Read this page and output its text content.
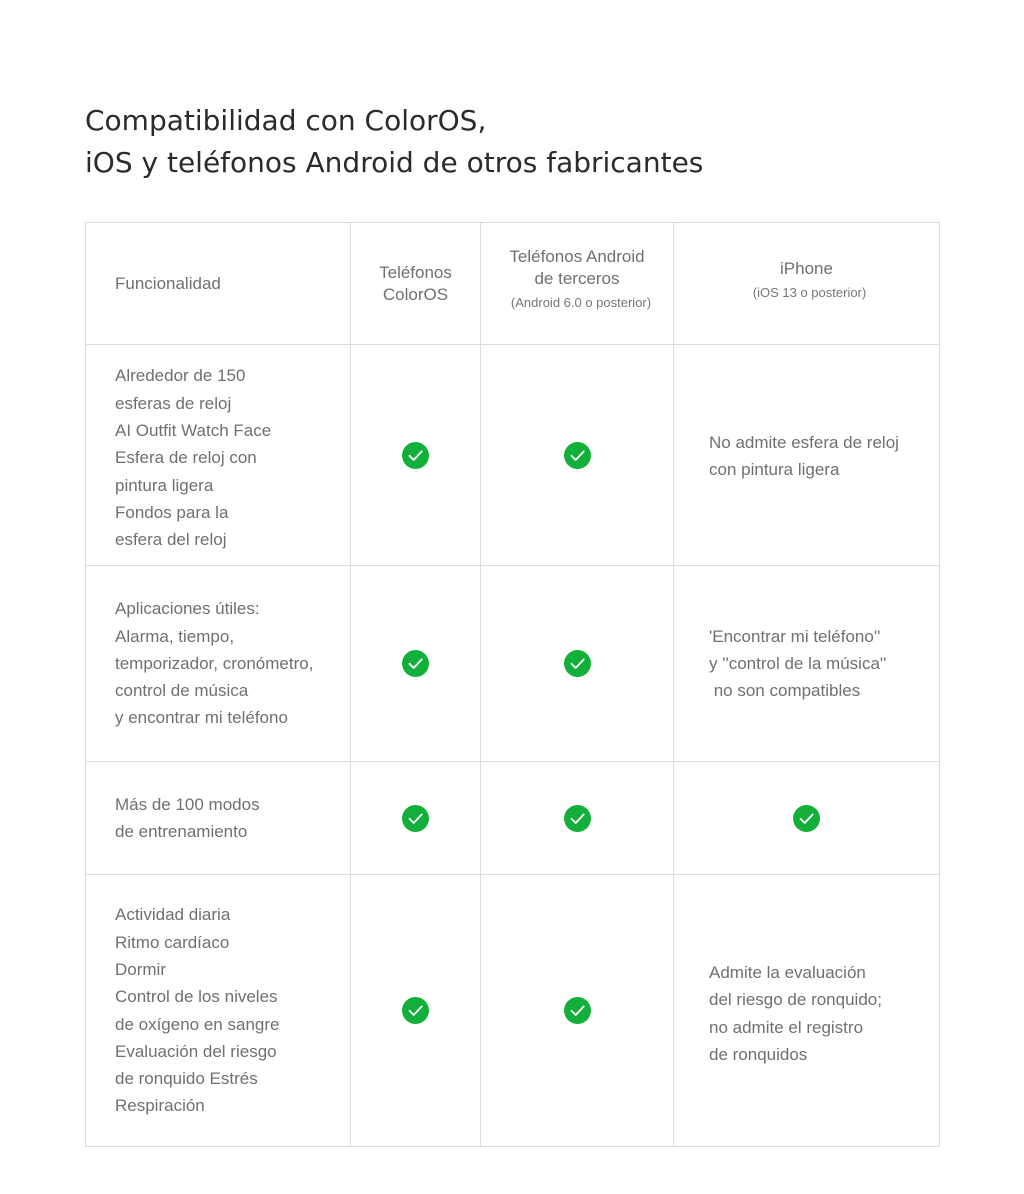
Compatibilidad con ColorOS,
iOS y teléfonos Android de otros fabricantes
Funcionalidad
Teléfonos
ColorOS
Teléfonos Android
de terceros
(Android 6.0 o posterior)
iPhone
(iOS 13 o posterior)
Alrededor de 150
esferas de reloj
AI Outfit Watch Face
Esfera de reloj con
pintura ligera
Fondos para la
esfera del reloj
No admite esfera de reloj
con pintura ligera
Aplicaciones útiles:
Alarma, tiempo,
temporizador, cronómetro,
control de música
y encontrar mi teléfono
'Encontrar mi teléfono''
y ''control de la música''
no son compatibles
Más de 100 modos
de entrenamiento
Actividad diaria
Ritmo cardíaco
Dormir
Control de los niveles
de oxígeno en sangre
Evaluación del riesgo
de ronquido Estrés
Respiración
Admite la evaluación
del riesgo de ronquido;
no admite el registro
de ronquidos
